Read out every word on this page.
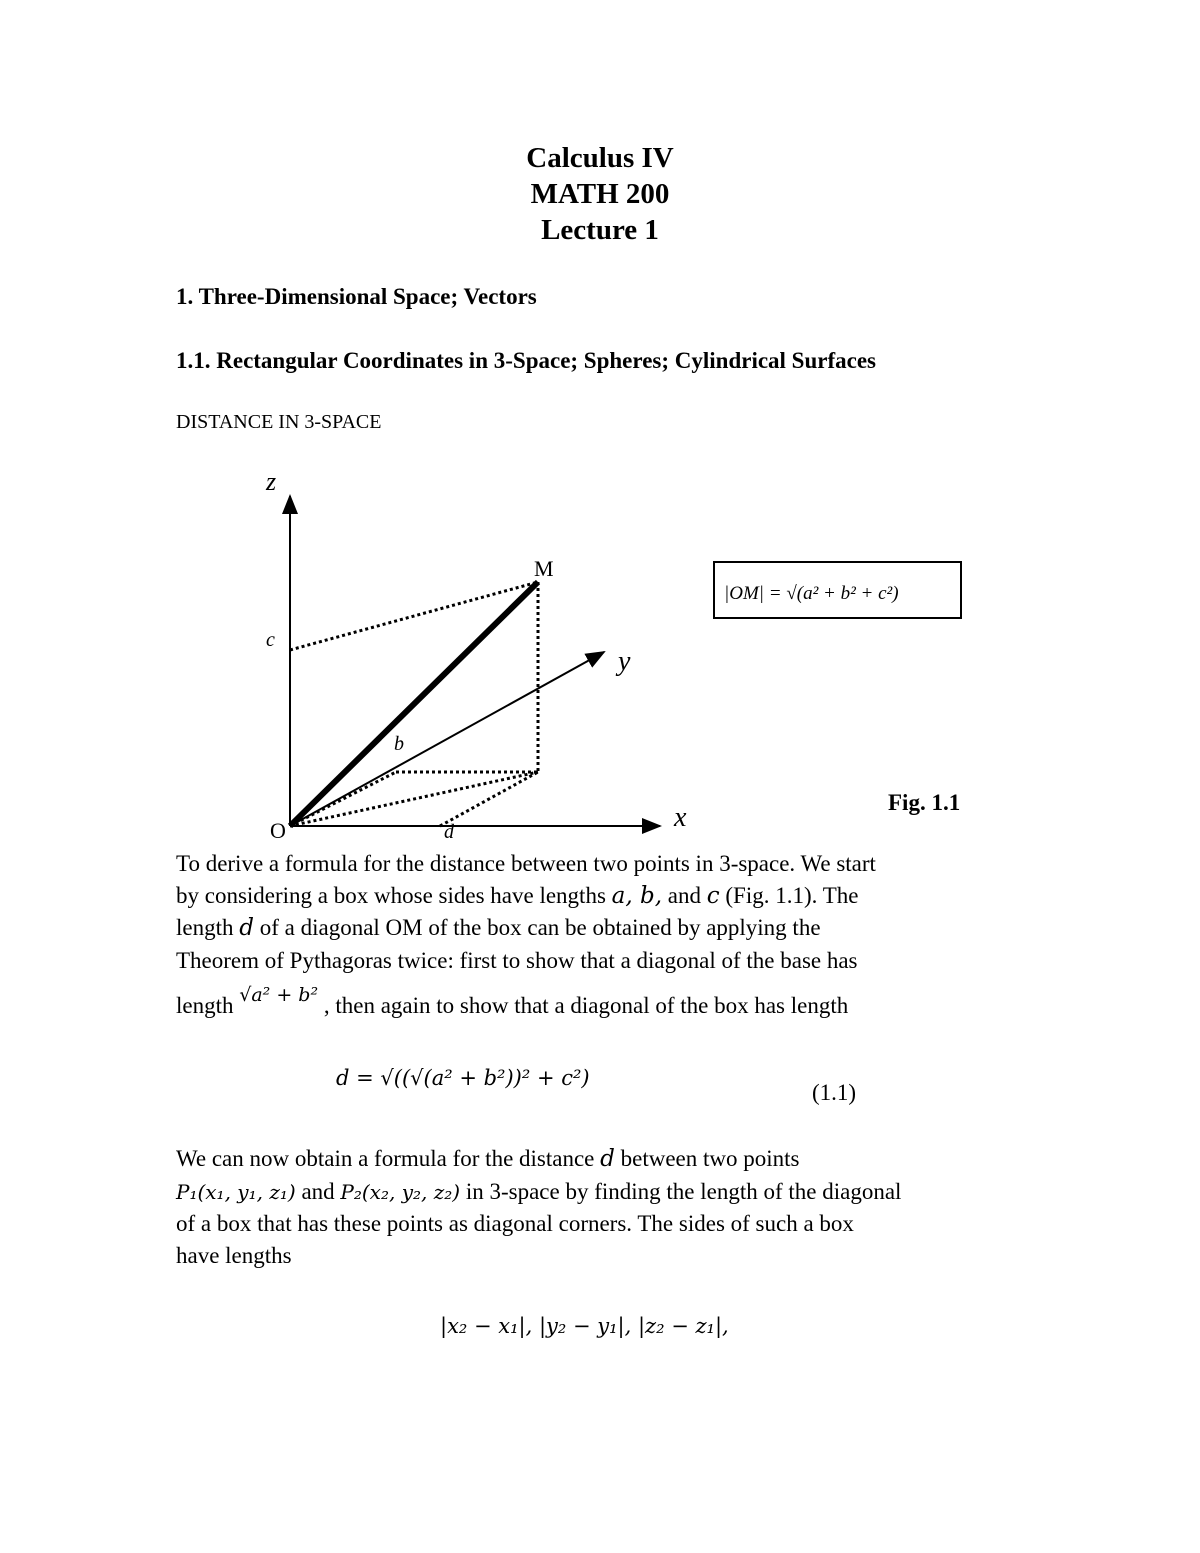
Calculus IV
MATH 200
Lecture 1
1. Three-Dimensional Space; Vectors
1.1. Rectangular Coordinates in 3-Space; Spheres; Cylindrical Surfaces
DISTANCE IN 3-SPACE
z
y
x
O
M
c
b
d
|OM| = √(a² + b² + c²)
Fig. 1.1
To derive a formula for the distance between two points in 3-space. We start
by considering a box whose sides have lengths a, b, and c (Fig. 1.1). The
length d of a diagonal OM of the box can be obtained by applying the
Theorem of Pythagoras twice: first to show that a diagonal of the base has
length $^{√a^2 + b^2}$ , then again to show that a diagonal of the box has length
d = √((√(a² + b²))² + c²)
(1.1)
We can now obtain a formula for the distance d between two points
P₁(x₁, y₁, z₁) and P₂(x₂, y₂, z₂) in 3-space by finding the length of the diagonal
of a box that has these points as diagonal corners. The sides of such a box
have lengths
|x₂ − x₁|, |y₂ − y₁|, |z₂ − z₁|,
